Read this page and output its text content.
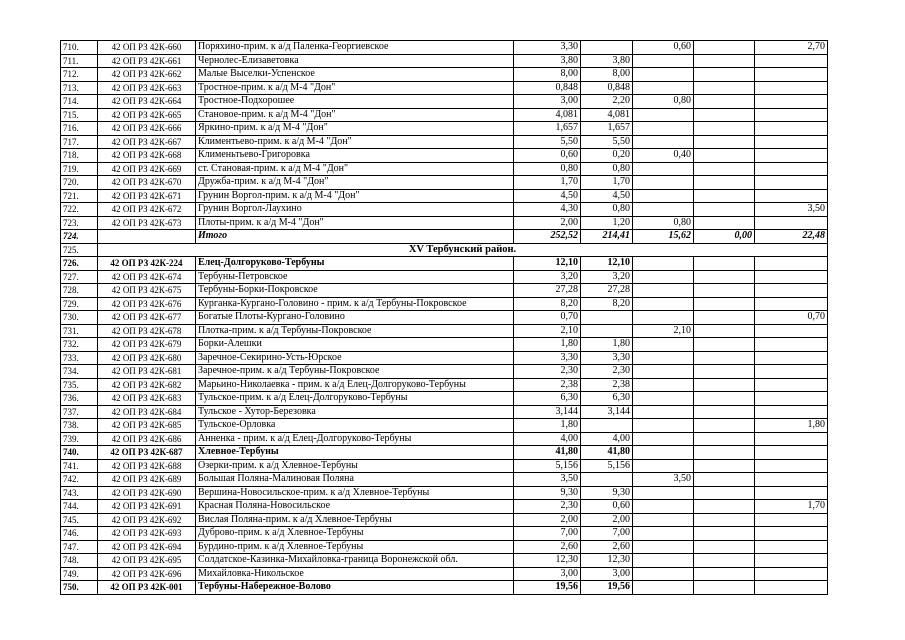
710.	42 ОП РЗ 42К-660	Поряхино-прим. к а/д Паленка-Георгиевское	3,30		0,60		2,70
711.	42 ОП РЗ 42К-661	Чернолес-Елизаветовка	3,80	3,80			
712.	42 ОП РЗ 42К-662	Малые Выселки-Успенское	8,00	8,00			
713.	42 ОП РЗ 42К-663	Тростное-прим. к а/д М-4 "Дон"	0,848	0,848			
714.	42 ОП РЗ 42К-664	Тростное-Подхорошее	3,00	2,20	0,80		
715.	42 ОП РЗ 42К-665	Становое-прим. к а/д М-4 "Дон"	4,081	4,081			
716.	42 ОП РЗ 42К-666	Яркино-прим. к а/д М-4 "Дон"	1,657	1,657			
717.	42 ОП РЗ 42К-667	Климентьево-прим. к а/д М-4 "Дон"	5,50	5,50			
718.	42 ОП РЗ 42К-668	Клименьтьево-Григоровка	0,60	0,20	0,40		
719.	42 ОП РЗ 42К-669	ст. Становая-прим. к а/д М-4 "Дон"	0,80	0,80			
720.	42 ОП РЗ 42К-670	Дружба-прим. к а/д М-4 "Дон"	1,70	1,70			
721.	42 ОП РЗ 42К-671	Грунин Воргол-прим. к а/д М-4 "Дон"	4,50	4,50			
722.	42 ОП РЗ 42К-672	Грунин Воргол-Лаухино	4,30	0,80			3,50
723.	42 ОП РЗ 42К-673	Плоты-прим. к а/д М-4 "Дон"	2,00	1,20	0,80		
724.		Итого	252,52	214,41	15,62	0,00	22,48
725.	XV Тербунский район.						
726.	42 ОП РЗ 42К-224	Елец-Долгоруково-Тербуны	12,10	12,10			
727.	42 ОП РЗ 42К-674	Тербуны-Петровское	3,20	3,20			
728.	42 ОП РЗ 42К-675	Тербуны-Борки-Покровское	27,28	27,28			
729.	42 ОП РЗ 42К-676	Курганка-Кургано-Головино - прим. к а/д Тербуны-Покровское	8,20	8,20			
730.	42 ОП РЗ 42К-677	Богатые Плоты-Кургано-Головино	0,70				0,70
731.	42 ОП РЗ 42К-678	Плотка-прим. к а/д Тербуны-Покровское	2,10		2,10		
732.	42 ОП РЗ 42К-679	Борки-Алешки	1,80	1,80			
733.	42 ОП РЗ 42К-680	Заречное-Секирино-Усть-Юрское	3,30	3,30			
734.	42 ОП РЗ 42К-681	Заречное-прим. к а/д Тербуны-Покровское	2,30	2,30			
735.	42 ОП РЗ 42К-682	Марьино-Николаевка - прим. к а/д Елец-Долгоруково-Тербуны	2,38	2,38			
736.	42 ОП РЗ 42К-683	Тульское-прим. к а/д Елец-Долгоруково-Тербуны	6,30	6,30			
737.	42 ОП РЗ 42К-684	Тульское - Хутор-Березовка	3,144	3,144			
738.	42 ОП РЗ 42К-685	Тульское-Орловка	1,80				1,80
739.	42 ОП РЗ 42К-686	Анненка - прим. к а/д Елец-Долгоруково-Тербуны	4,00	4,00			
740.	42 ОП РЗ 42К-687	Хлевное-Тербуны	41,80	41,80			
741.	42 ОП РЗ 42К-688	Озерки-прим. к а/д Хлевное-Тербуны	5,156	5,156			
742.	42 ОП РЗ 42К-689	Большая Поляна-Малиновая Поляна	3,50		3,50		
743.	42 ОП РЗ 42К-690	Вершина-Новосильское-прим. к а/д Хлевное-Тербуны	9,30	9,30			
744.	42 ОП РЗ 42К-691	Красная Поляна-Новосильское	2,30	0,60			1,70
745.	42 ОП РЗ 42К-692	Вислая Поляна-прим. к а/д Хлевное-Тербуны	2,00	2,00			
746.	42 ОП РЗ 42К-693	Дуброво-прим. к а/д Хлевное-Тербуны	7,00	7,00			
747.	42 ОП РЗ 42К-694	Бурдино-прим. к а/д Хлевное-Тербуны	2,60	2,60			
748.	42 ОП РЗ 42К-695	Солдатское-Казинка-Михайловка-граница Воронежской обл.	12,30	12,30			
749.	42 ОП РЗ 42К-696	Михайловка-Никольское	3,00	3,00			
750.	42 ОП РЗ 42К-001	Тербуны-Набережное-Волово	19,56	19,56			
